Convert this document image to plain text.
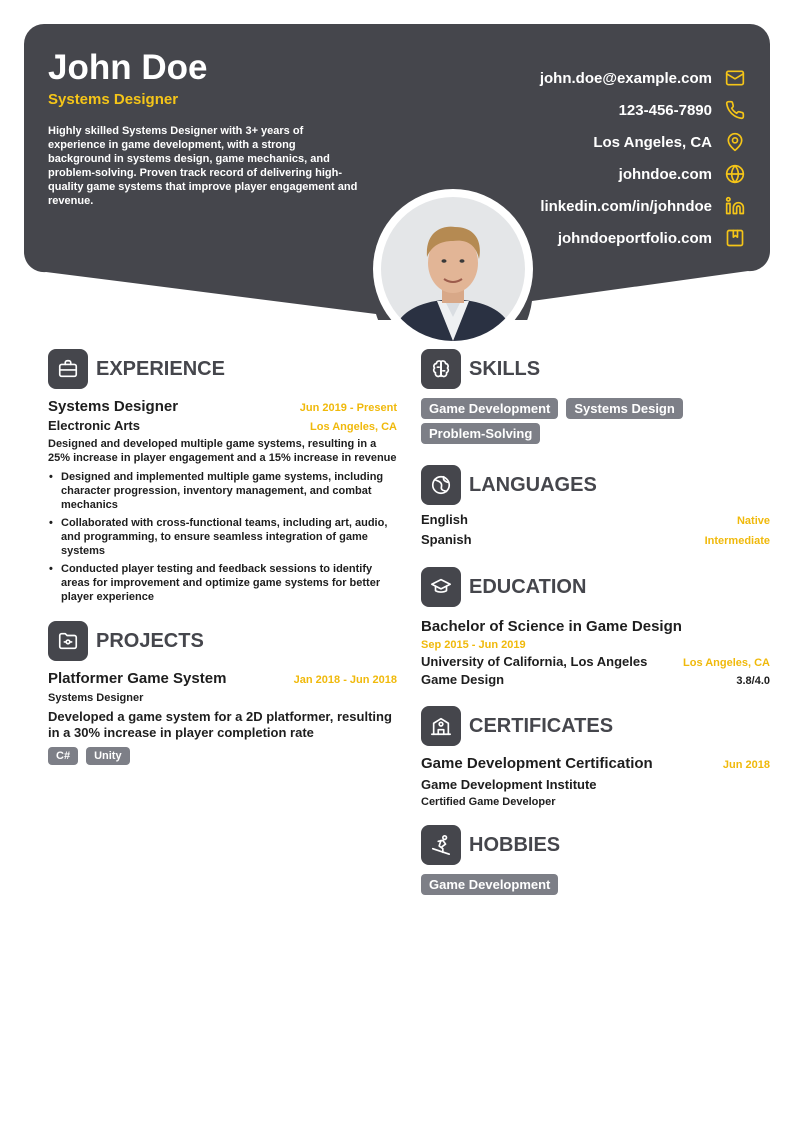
John Doe
Systems Designer
Highly skilled Systems Designer with 3+ years of experience in game development, with a strong background in systems design, game mechanics, and problem-solving. Proven track record of delivering high-quality game systems that improve player engagement and revenue.
john.doe@example.com
123-456-7890
Los Angeles, CA
johndoe.com
linkedin.com/in/johndoe
johndoeportfolio.com
EXPERIENCE
Systems Designer	Jun 2019 - Present
Electronic Arts	Los Angeles, CA
Designed and developed multiple game systems, resulting in a 25% increase in player engagement and a 15% increase in revenue
• Designed and implemented multiple game systems, including character progression, inventory management, and combat mechanics
• Collaborated with cross-functional teams, including art, audio, and programming, to ensure seamless integration of game systems
• Conducted player testing and feedback sessions to identify areas for improvement and optimize game systems for better player experience
PROJECTS
Platformer Game System	Jan 2018 - Jun 2018
Systems Designer
Developed a game system for a 2D platformer, resulting in a 30% increase in player completion rate
C#	Unity
SKILLS
Game Development	Systems Design
Problem-Solving
LANGUAGES
English	Native
Spanish	Intermediate
EDUCATION
Bachelor of Science in Game Design
Sep 2015 - Jun 2019
University of California, Los Angeles	Los Angeles, CA
Game Design	3.8/4.0
CERTIFICATES
Game Development Certification	Jun 2018
Game Development Institute
Certified Game Developer
HOBBIES
Game Development
